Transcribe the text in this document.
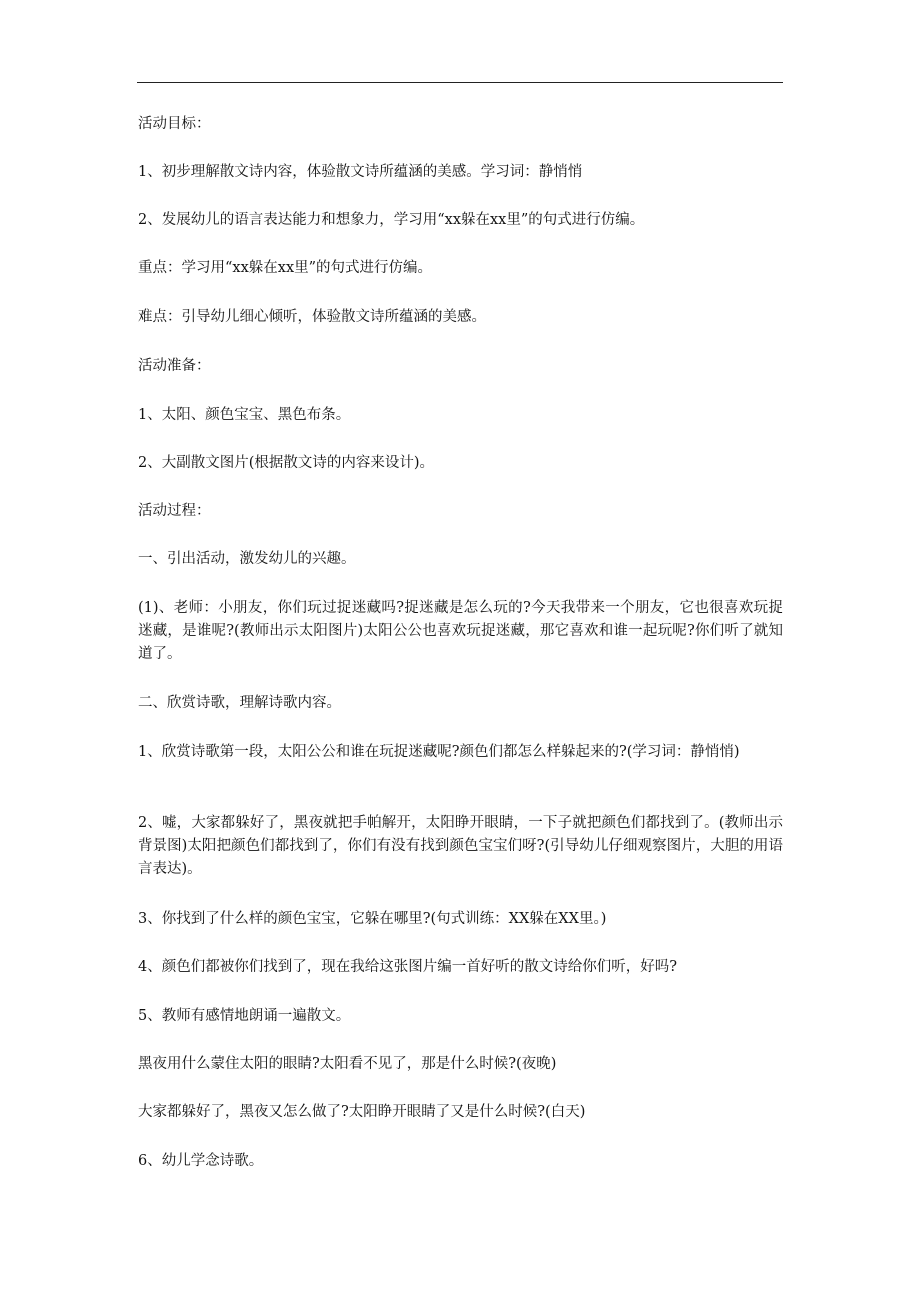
活动目标：

1、初步理解散文诗内容，体验散文诗所蕴涵的美感。学习词：静悄悄

2、发展幼儿的语言表达能力和想象力，学习用“xx躲在xx里”的句式进行仿编。

重点：学习用“xx躲在xx里”的句式进行仿编。

难点：引导幼儿细心倾听，体验散文诗所蕴涵的美感。

活动准备：

1、太阳、颜色宝宝、黑色布条。

2、大副散文图片(根据散文诗的内容来设计)。

活动过程：

一、引出活动，激发幼儿的兴趣。

(1)、老师：小朋友，你们玩过捉迷藏吗?捉迷藏是怎么玩的?今天我带来一个朋友，它也很喜欢玩捉迷藏，是谁呢?(教师出示太阳图片)太阳公公也喜欢玩捉迷藏，那它喜欢和谁一起玩呢?你们听了就知道了。

二、欣赏诗歌，理解诗歌内容。

1、欣赏诗歌第一段，太阳公公和谁在玩捉迷藏呢?颜色们都怎么样躲起来的?(学习词：静悄悄)

2、嘘，大家都躲好了，黑夜就把手帕解开，太阳睁开眼睛，一下子就把颜色们都找到了。(教师出示背景图)太阳把颜色们都找到了，你们有没有找到颜色宝宝们呀?(引导幼儿仔细观察图片，大胆的用语言表达)。

3、你找到了什么样的颜色宝宝，它躲在哪里?(句式训练：XX躲在XX里。)

4、颜色们都被你们找到了，现在我给这张图片编一首好听的散文诗给你们听，好吗?

5、教师有感情地朗诵一遍散文。

黑夜用什么蒙住太阳的眼睛?太阳看不见了，那是什么时候?(夜晚)

大家都躲好了，黑夜又怎么做了?太阳睁开眼睛了又是什么时候?(白天)

6、幼儿学念诗歌。
